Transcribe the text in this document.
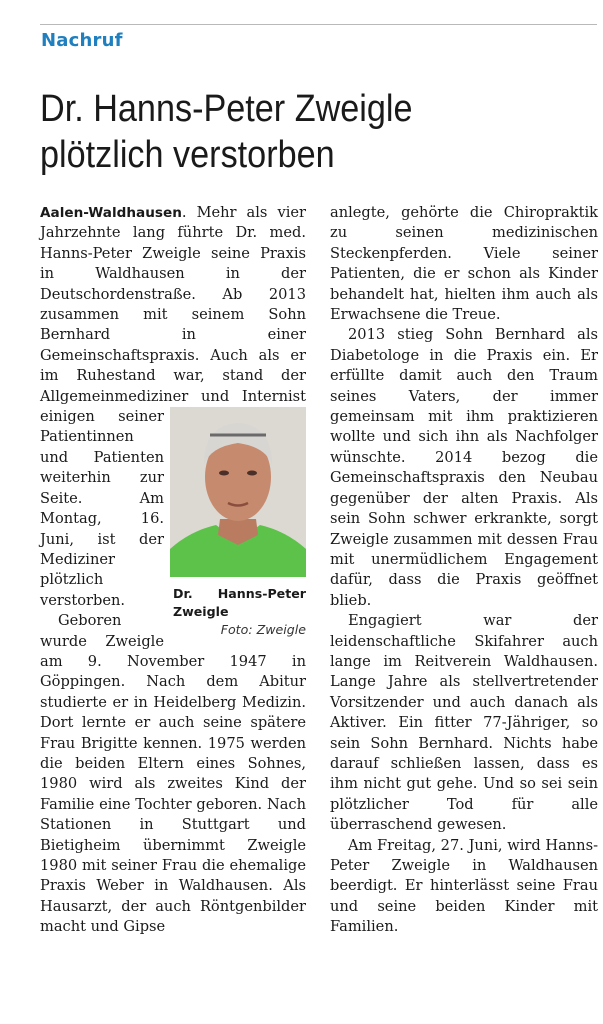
Nachruf
Dr. Hanns-Peter Zweigle
plötzlich verstorben

Aalen-Waldhausen. Mehr als vier Jahrzehnte lang führte Dr. med. Hanns-Peter Zweigle seine Praxis in Waldhausen in der Deutschordenstraße. Ab 2013 zusammen mit seinem Sohn Bernhard in einer Gemeinschaftspraxis. Auch als er im Ruhestand war, stand der Allgemeinmediziner und Internist einigen seiner
Dr. Hanns-Peter Zweigle
Foto: Zweigle
Patientinnen und Patienten weiterhin zur Seite. Am Montag, 16. Juni, ist der Mediziner plötzlich verstorben.

Geboren wurde Zweigle am 9. November 1947 in Göppingen. Nach dem Abitur studierte er in Heidelberg Medizin. Dort lernte er auch seine spätere Frau Brigitte kennen. 1975 werden die beiden Eltern eines Sohnes, 1980 wird als zweites Kind der Familie eine Tochter geboren. Nach Stationen in Stuttgart und Bietigheim übernimmt Zweigle 1980 mit seiner Frau die ehemalige Praxis Weber in Waldhausen. Als Hausarzt, der auch Röntgenbilder macht und Gipse

anlegte, gehörte die Chiropraktik zu seinen medizinischen Steckenpferden. Viele seiner Patienten, die er schon als Kinder behandelt hat, hielten ihm auch als Erwachsene die Treue.

2013 stieg Sohn Bernhard als Diabetologe in die Praxis ein. Er erfüllte damit auch den Traum seines Vaters, der immer gemeinsam mit ihm praktizieren wollte und sich ihn als Nachfolger wünschte. 2014 bezog die Gemeinschaftspraxis den Neubau gegenüber der alten Praxis. Als sein Sohn schwer erkrankte, sorgt Zweigle zusammen mit dessen Frau mit unermüdlichem Engagement dafür, dass die Praxis geöffnet blieb.

Engagiert war der leidenschaftliche Skifahrer auch lange im Reitverein Waldhausen. Lange Jahre als stellvertretender Vorsitzender und auch danach als Aktiver. Ein fitter 77-Jähriger, so sein Sohn Bernhard. Nichts habe darauf schließen lassen, dass es ihm nicht gut gehe. Und so sei sein plötzlicher Tod für alle überraschend gewesen.

Am Freitag, 27. Juni, wird Hanns-Peter Zweigle in Waldhausen beerdigt. Er hinterlässt seine Frau und seine beiden Kinder mit Familien.
